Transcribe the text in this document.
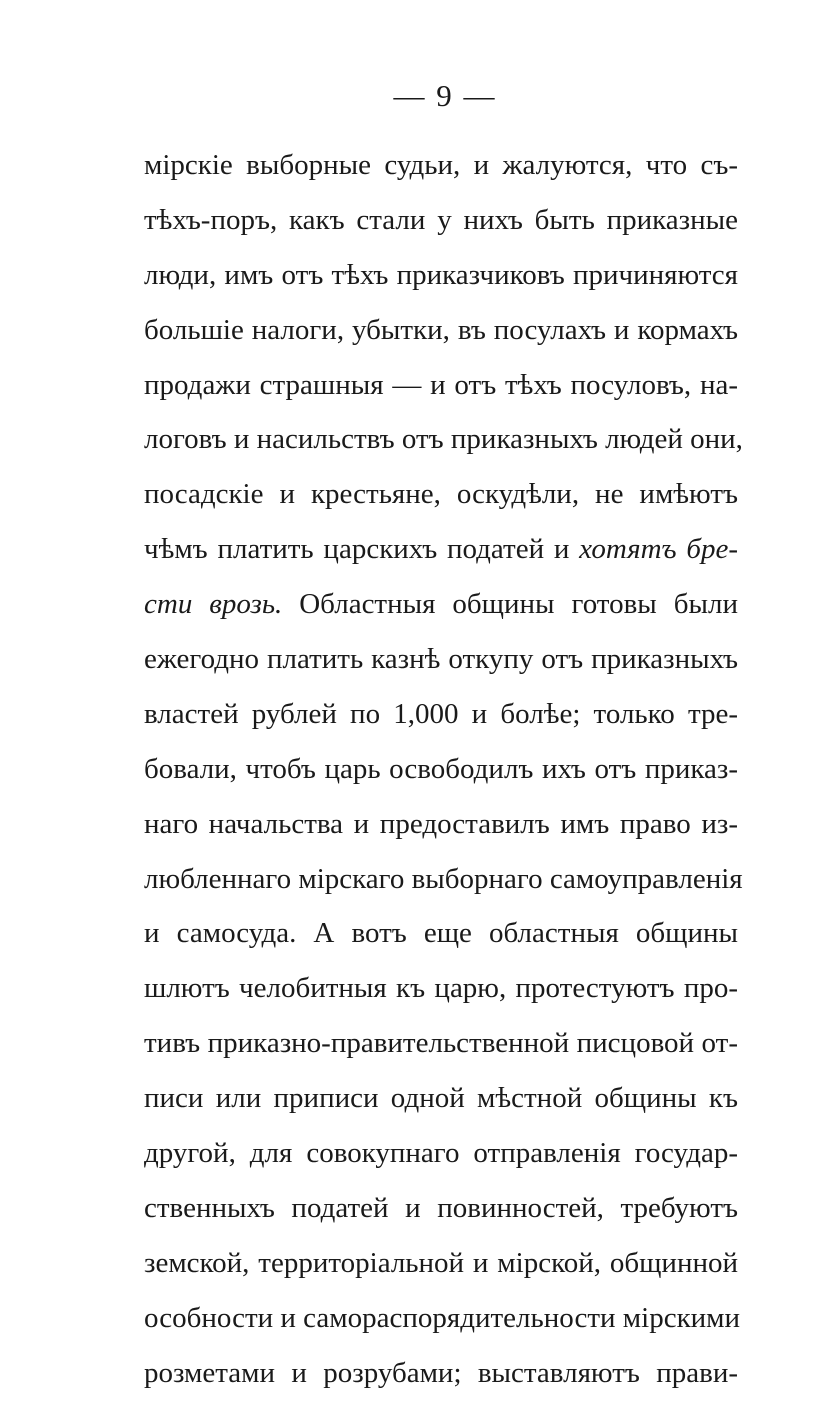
— 9 —
мірскіе выборные судьи, и жалуются, что съ-
тѣхъ-поръ, какъ стали у нихъ быть приказные
люди, имъ отъ тѣхъ приказчиковъ причиняются
большіе налоги, убытки, въ посулахъ и кормахъ
продажи страшныя — и отъ тѣхъ посуловъ, на-
логовъ и насильствъ отъ приказныхъ людей они,
посадскіе и крестьяне, оскудѣли, не имѣютъ
чѣмъ платить царскихъ податей и хотятъ бре-
сти врозь. Областныя общины готовы были
ежегодно платить казнѣ откупу отъ приказныхъ
властей рублей по 1,000 и болѣе; только тре-
бовали, чтобъ царь освободилъ ихъ отъ приказ-
наго начальства и предоставилъ имъ право из-
любленнаго мірскаго выборнаго самоуправленія
и самосуда. А вотъ еще областныя общины
шлютъ челобитныя къ царю, протестуютъ про-
тивъ приказно-правительственной писцовой от-
писи или приписи одной мѣстной общины къ
другой, для совокупнаго отправленія государ-
ственныхъ податей и повинностей, требуютъ
земской, территоріальной и мірской, общинной
особности и самораспорядительности мірскими
розметами и розрубами; выставляютъ прави-
